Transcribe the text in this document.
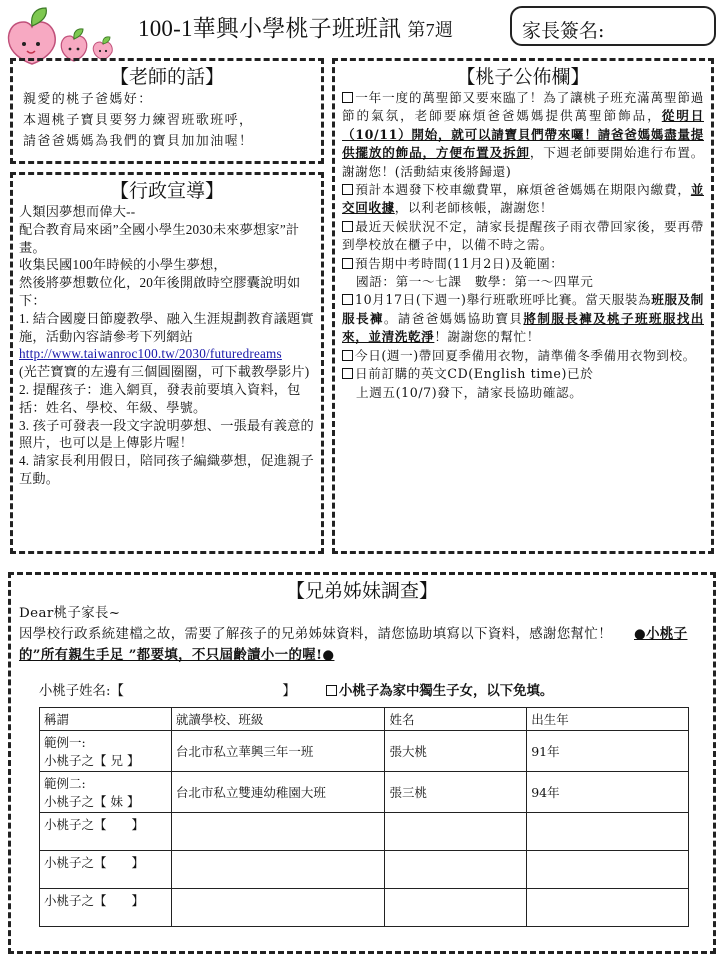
100-1華興小學桃子班班訊 第7週	家長簽名:
【老師的話】
親愛的桃子爸媽好：
本週桃子寶貝要努力練習班歌班呼，
請爸爸媽媽為我們的寶貝加加油喔！
【行政宣導】
人類因夢想而偉大--
配合教育局來函”全國小學生2030未來夢想家”計畫。
收集民國100年時候的小學生夢想，
然後將夢想數位化，20年後開啟時空膠囊說明如下：
1. 結合國慶日節慶教學、融入生涯規劃教育議題實施，活動內容請參考下列網站
http://www.taiwanroc100.tw/2030/futuredreams
(光芒寶寶的左邊有三個圓圈圈，可下載教學影片)
2. 提醒孩子：進入網頁，發表前要填入資料，包括：姓名、學校、年級、學號。
3. 孩子可發表一段文字說明夢想、一張最有義意的照片，也可以是上傳影片喔！
4. 請家長利用假日，陪同孩子編織夢想，促進親子互動。
【桃子公佈欄】
一年一度的萬聖節又要來臨了！為了讓桃子班充滿萬聖節過節的氣氛，老師要麻煩爸爸媽媽提供萬聖節飾品，從明日（10/11）開始，就可以請寶貝們帶來囉！請爸爸媽媽盡量提供擺放的飾品，方便布置及拆卸，下週老師要開始進行布置。謝謝您！(活動結束後將歸還)
預計本週發下校車繳費單，麻煩爸爸媽媽在期限內繳費，並交回收據，以利老師核帳，謝謝您！
最近天候狀況不定，請家長提醒孩子雨衣帶回家後，要再帶到學校放在櫃子中，以備不時之需。
預告期中考時間(11月2日)及範圍：
國語：第一～七課　數學：第一～四單元
10月17日(下週一)舉行班歌班呼比賽。當天服裝為班服及制服長褲。請爸爸媽媽協助寶貝將制服長褲及桃子班班服找出來，並清洗乾淨！謝謝您的幫忙！
今日(週一)帶回夏季備用衣物，請準備冬季備用衣物到校。
日前訂購的英文CD(English time)已於
上週五(10/7)發下，請家長協助確認。
【兄弟姊妹調查】
Dear桃子家長~
因學校行政系統建檔之故，需要了解孩子的兄弟姊妹資料，請您協助填寫以下資料，感謝您幫忙！ ●小桃子的”所有親生手足 ”都要填，不只屆齡讀小一的喔!●
小桃子姓名:【	】	小桃子為家中獨生子女，以下免填。
稱謂	就讀學校、班級	姓名	出生年

範例一:
小桃子之【 兄 】	台北市私立華興三年一班	張大桃	91年

範例二:
小桃子之【 妹 】	台北市私立雙連幼稚園大班	張三桃	94年
小桃子之【　　】			
小桃子之【　　】			
小桃子之【　　】			
